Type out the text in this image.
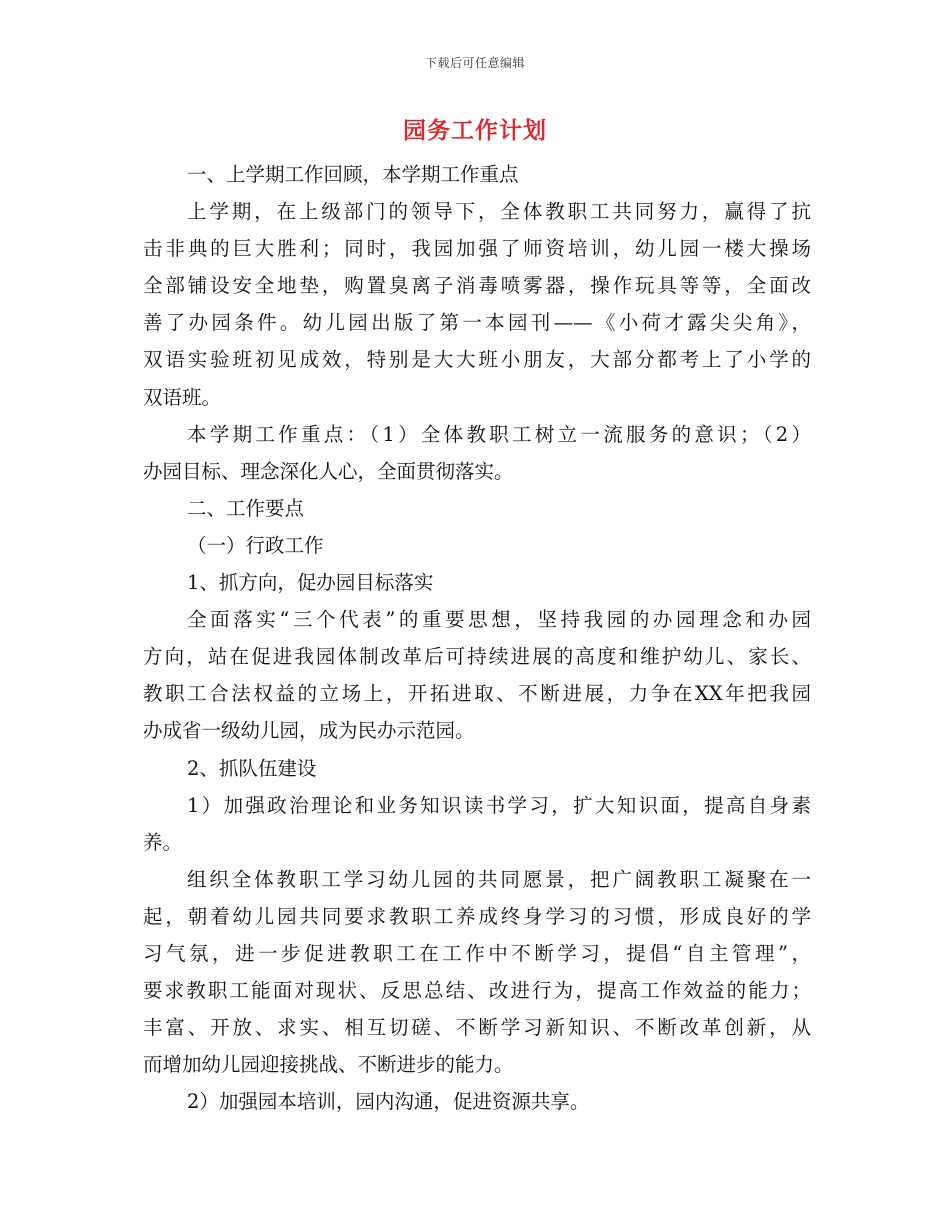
下载后可任意编辑
园务工作计划
一、上学期工作回顾，本学期工作重点
上学期，在上级部门的领导下，全体教职工共同努力，赢得了抗
击非典的巨大胜利；同时，我园加强了师资培训，幼儿园一楼大操场
全部铺设安全地垫，购置臭离子消毒喷雾器，操作玩具等等，全面改
善了办园条件。幼儿园出版了第一本园刊——《小荷才露尖尖角》，
双语实验班初见成效，特别是大大班小朋友，大部分都考上了小学的
双语班。
本学期工作重点：（1）全体教职工树立一流服务的意识；（2）
办园目标、理念深化人心，全面贯彻落实。
二、工作要点
（一）行政工作
1、抓方向，促办园目标落实
全面落实“三个代表”的重要思想，坚持我园的办园理念和办园
方向，站在促进我园体制改革后可持续进展的高度和维护幼儿、家长、
教职工合法权益的立场上，开拓进取、不断进展，力争在XX年把我园
办成省一级幼儿园，成为民办示范园。
2、抓队伍建设
1）加强政治理论和业务知识读书学习，扩大知识面，提高自身素
养。
组织全体教职工学习幼儿园的共同愿景，把广阔教职工凝聚在一
起，朝着幼儿园共同要求教职工养成终身学习的习惯，形成良好的学
习气氛，进一步促进教职工在工作中不断学习，提倡“自主管理”，
要求教职工能面对现状、反思总结、改进行为，提高工作效益的能力；
丰富、开放、求实、相互切磋、不断学习新知识、不断改革创新，从
而增加幼儿园迎接挑战、不断进步的能力。
2）加强园本培训，园内沟通，促进资源共享。
